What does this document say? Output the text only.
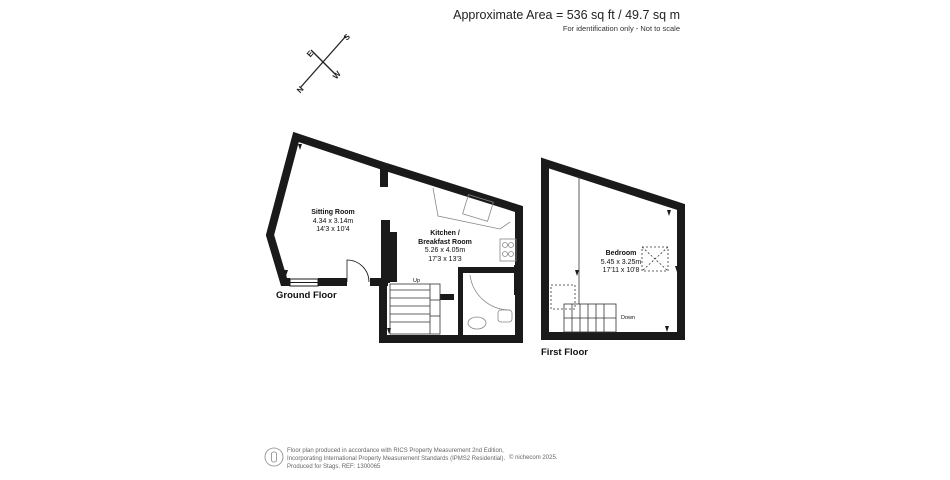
Approximate Area = 536 sq ft / 49.7 sq m
For identification only - Not to scale
N
E
S
W
Ground Floor
Sitting Room
4.34 x 3.14m
14'3 x 10'4
Kitchen /
Breakfast Room
5.26 x 4.05m
17'3 x 13'3
Up
First Floor
Bedroom
5.45 x 3.25m
17'11 x 10'8
Down
Floor plan produced in accordance with RICS Property Measurement 2nd Edition,
Incorporating International Property Measurement Standards (IPMS2 Residential).
Produced for Stags. REF: 1300065
© nichecom 2025.
